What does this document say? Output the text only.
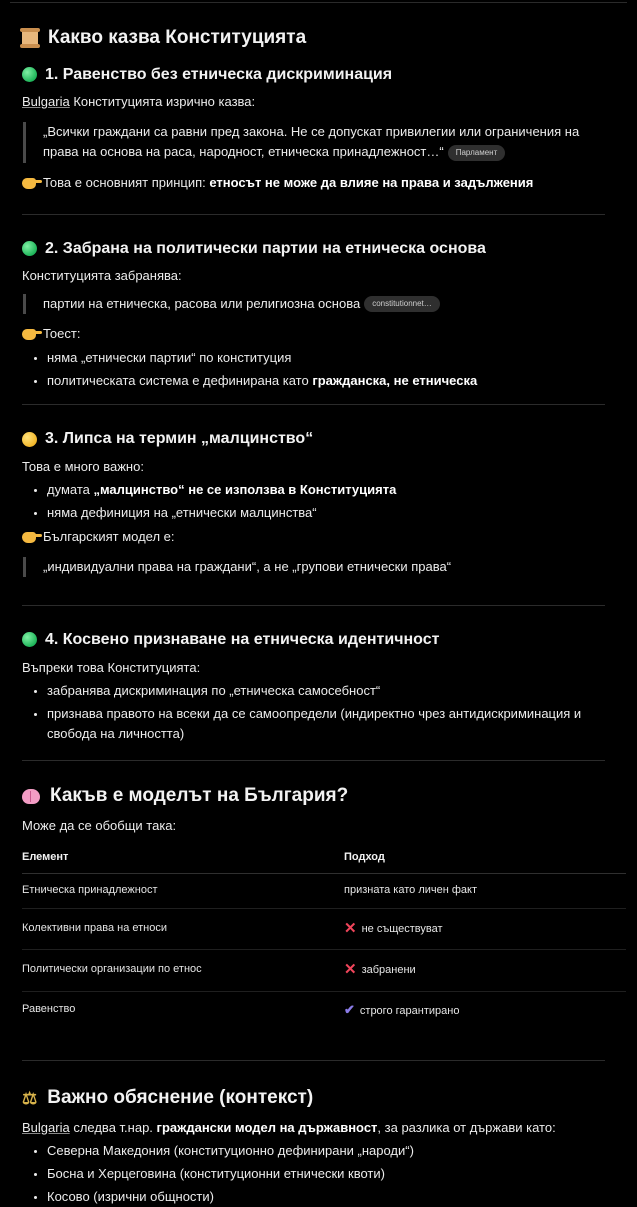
Какво казва Конституцията
1. Равенство без етническа дискриминация

Bulgaria Конституцията изрично казва:

„Всички граждани са равни пред закона. Не се допускат привилегии или ограничения на права на основа на раса, народност, етническа принадлежност…“ Парламент

Това е основният принцип: етносът не може да влияе на права и задължения

2. Забрана на политически партии на етническа основа

Конституцията забранява:

партии на етническа, расова или религиозна основа constitutionnet…

Тоест:

• няма „етнически партии“ по конституция
• политическата система е дефинирана като гражданска, не етническа
3. Липса на термин „малцинство“

Това е много важно:

• думата „малцинство“ не се използва в Конституцията
• няма дефиниция на „етнически малцинства“

Българският модел е:

„индивидуални права на граждани“, а не „групови етнически права“
4. Косвено признаване на етническа идентичност

Въпреки това Конституцията:

• забранява дискриминация по „етническа самосебност“
• признава правото на всеки да се самоопредели (индиректно чрез антидискриминация и свобода на личността)
Какъв е моделът на България?

Може да се обобщи така:

Елемент	Подход
Етническа принадлежност	призната като личен факт
Колективни права на етноси	✕ не съществуват
Политически организации по етнос	✕ забранени
Равенство	✔ строго гарантирано
⚖ Важно обяснение (контекст)

Bulgaria следва т.нар. граждански модел на държавност, за разлика от държави като:

• Северна Македония (конституционно дефинирани „народи“)
• Босна и Херцеговина (конституционни етнически квоти)
• Косово (изрични общности)
